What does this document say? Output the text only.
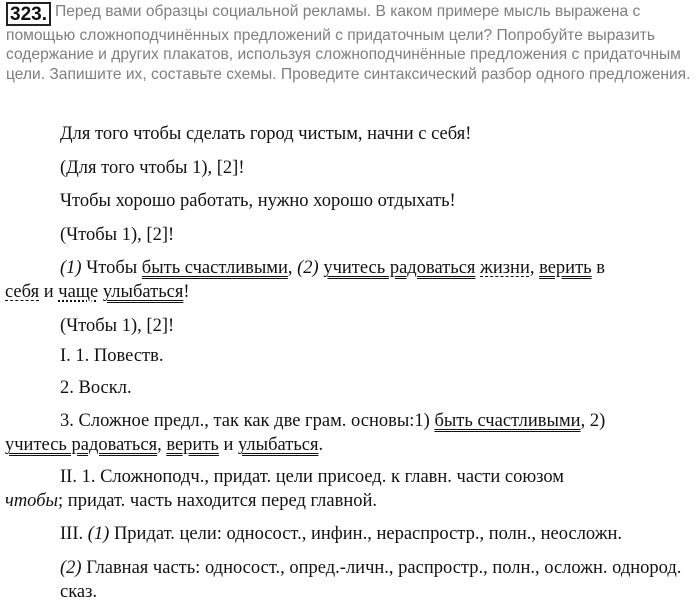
323. Перед вами образцы социальной рекламы. В каком примере мысль выражена с помощью сложноподчинённых предложений с придаточным цели? Попробуйте выразить содержание и других плакатов, используя сложноподчинённые предложения с придаточным цели. Запишите их, составьте схемы. Проведите синтаксический разбор одного предложения.
Для того чтобы сделать город чистым, начни с себя!
(Для того чтобы 1), [2]!
Чтобы хорошо работать, нужно хорошо отдыхать!
(Чтобы 1), [2]!
(1) Чтобы быть счастливыми, (2) учитесь радоваться жизни, верить в
себя и чаще улыбаться!
(Чтобы 1), [2]!
I. 1. Повеств.
2. Воскл.
3. Сложное предл., так как две грам. основы:1) быть счастливыми, 2)
учитесь радоваться, верить и улыбаться.
II. 1. Сложноподч., придат. цели присоед. к главн. части союзом
чтобы; придат. часть находится перед главной.
III. (1) Придат. цели: односост., инфин., нераспростр., полн., неосложн.
(2) Главная часть: односост., опред.-личн., распростр., полн., осложн. однород. сказ.
